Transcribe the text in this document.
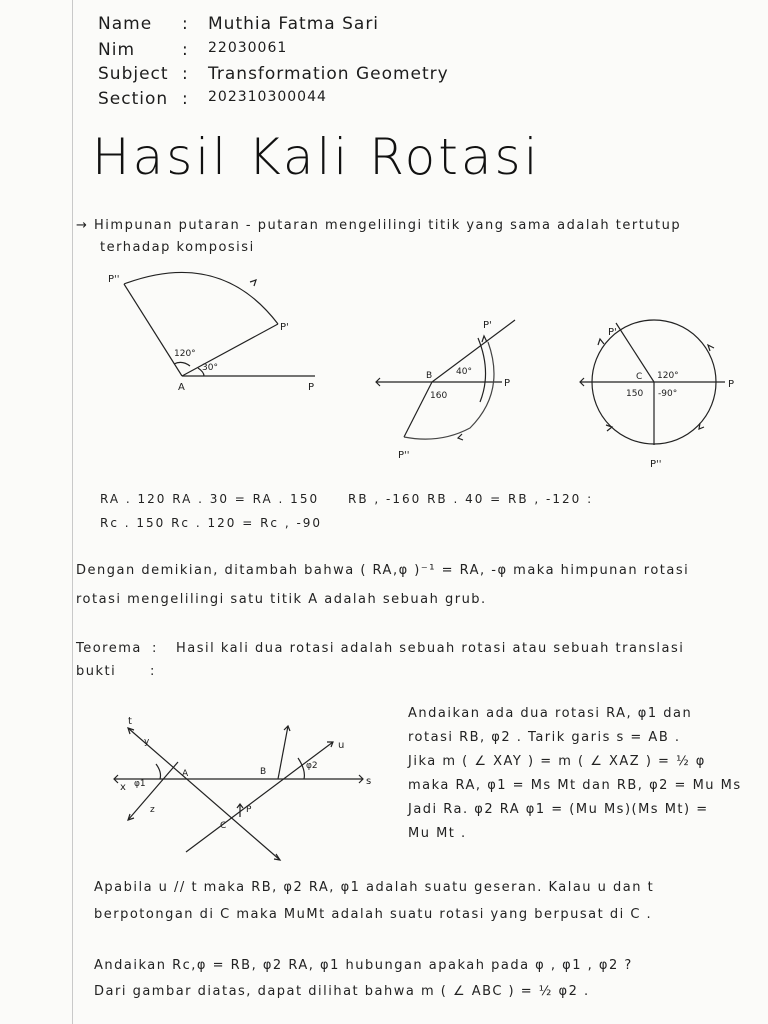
Name : Muthia Fatma Sari
Nim	: 22030061
Subject : Transformation Geometry
Section : 202310300044
Hasil Kali Rotasi
→ Himpunan putaran - putaran mengelilingi titik yang sama adalah tertutup
terhadap komposisi
P''
P'
A	P
120°
30°
P'
P''
B
P
40°
160
P'
P''
C
P
120°
150 -90°
RA . 120 RA . 30 = RA . 150 RB , -160 RB . 40 = RB , -120 :
Rc . 150 Rc . 120 = Rc , -90
Dengan demikian, ditambah bahwa ( RA,φ )⁻¹ = RA, -φ maka himpunan rotasi
rotasi mengelilingi satu titik A adalah sebuah grub.
Teorema : Hasil kali dua rotasi adalah sebuah rotasi atau sebuah translasi
bukti	:
t
y
x φ1
z
A
C
P
B
φ2
u
s
Andaikan ada dua rotasi RA, φ1 dan
rotasi RB, φ2 . Tarik garis s = AB .
Jika m ( ∠ XAY ) = m ( ∠ XAZ ) = ½ φ
maka RA, φ1 = Ms Mt dan RB, φ2 = Mu Ms
Jadi Ra. φ2 RA φ1 = (Mu Ms)(Ms Mt) =
Mu Mt .
Apabila u // t maka RB, φ2 RA, φ1 adalah suatu geseran. Kalau u dan t
berpotongan di C maka MuMt adalah suatu rotasi yang berpusat di C .
Andaikan Rc,φ = RB, φ2 RA, φ1 hubungan apakah pada φ , φ1 , φ2 ?
Dari gambar diatas, dapat dilihat bahwa m ( ∠ ABC ) = ½ φ2 .
